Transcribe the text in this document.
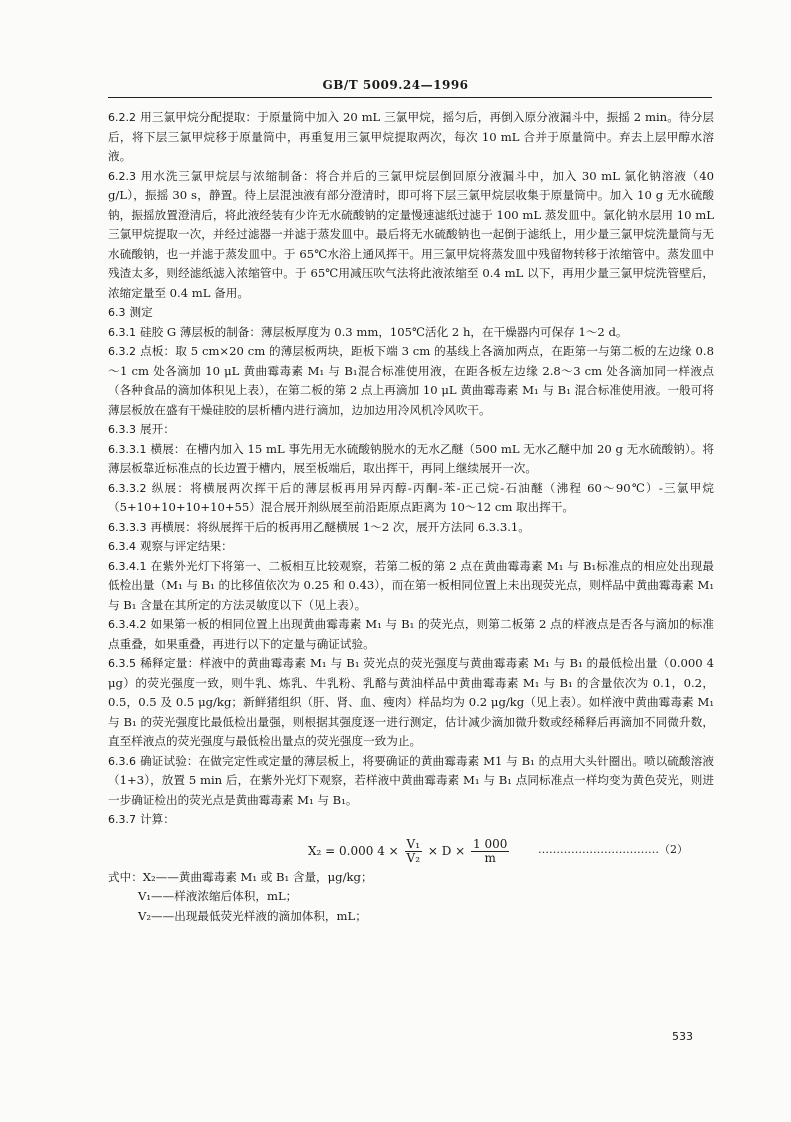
GB/T 5009.24—1996

6.2.2 用三氯甲烷分配提取：于原量筒中加入 20 mL 三氯甲烷，摇匀后，再倒入原分液漏斗中，振摇 2 min。待分层后，将下层三氯甲烷移于原量筒中，再重复用三氯甲烷提取两次，每次 10 mL 合并于原量筒中。弃去上层甲醇水溶液。

6.2.3 用水洗三氯甲烷层与浓缩制备：将合并后的三氯甲烷层倒回原分液漏斗中，加入 30 mL 氯化钠溶液（40 g/L），振摇 30 s，静置。待上层混浊液有部分澄清时，即可将下层三氯甲烷层收集于原量筒中。加入 10 g 无水硫酸钠，振摇放置澄清后，将此液经装有少许无水硫酸钠的定量慢速滤纸过滤于 100 mL 蒸发皿中。氯化钠水层用 10 mL 三氯甲烷提取一次，并经过滤器一并滤于蒸发皿中。最后将无水硫酸钠也一起倒于滤纸上，用少量三氯甲烷洗量筒与无水硫酸钠，也一并滤于蒸发皿中。于 65℃水浴上通风挥干。用三氯甲烷将蒸发皿中残留物转移于浓缩管中。蒸发皿中残渣太多，则经滤纸滤入浓缩管中。于 65℃用减压吹气法将此液浓缩至 0.4 mL 以下，再用少量三氯甲烷洗管壁后，浓缩定量至 0.4 mL 备用。

6.3 测定

6.3.1 硅胶 G 薄层板的制备：薄层板厚度为 0.3 mm，105℃活化 2 h，在干燥器内可保存 1～2 d。

6.3.2 点板：取 5 cm×20 cm 的薄层板两块，距板下端 3 cm 的基线上各滴加两点，在距第一与第二板的左边缘 0.8～1 cm 处各滴加 10 μL 黄曲霉毒素 M₁ 与 B₁混合标准使用液，在距各板左边缘 2.8～3 cm 处各滴加同一样液点（各种食品的滴加体积见上表），在第二板的第 2 点上再滴加 10 μL 黄曲霉毒素 M₁ 与 B₁ 混合标准使用液。一般可将薄层板放在盛有干燥硅胶的层析槽内进行滴加，边加边用冷风机冷风吹干。

6.3.3 展开：

6.3.3.1 横展：在槽内加入 15 mL 事先用无水硫酸钠脱水的无水乙醚（500 mL 无水乙醚中加 20 g 无水硫酸钠）。将薄层板靠近标准点的长边置于槽内，展至板端后，取出挥干，再同上继续展开一次。

6.3.3.2 纵展：将横展两次挥干后的薄层板再用异丙醇-丙酮-苯-正己烷-石油醚（沸程 60～90℃）-三氯甲烷（5+10+10+10+10+55）混合展开剂纵展至前沿距原点距离为 10～12 cm 取出挥干。

6.3.3.3 再横展：将纵展挥干后的板再用乙醚横展 1～2 次，展开方法同 6.3.3.1。

6.3.4 观察与评定结果：

6.3.4.1 在紫外光灯下将第一、二板相互比较观察，若第二板的第 2 点在黄曲霉毒素 M₁ 与 B₁标准点的相应处出现最低检出量（M₁ 与 B₁ 的比移值依次为 0.25 和 0.43），而在第一板相同位置上未出现荧光点，则样品中黄曲霉毒素 M₁ 与 B₁ 含量在其所定的方法灵敏度以下（见上表）。

6.3.4.2 如果第一板的相同位置上出现黄曲霉毒素 M₁ 与 B₁ 的荧光点，则第二板第 2 点的样液点是否各与滴加的标准点重叠，如果重叠，再进行以下的定量与确证试验。

6.3.5 稀释定量：样液中的黄曲霉毒素 M₁ 与 B₁ 荧光点的荧光强度与黄曲霉毒素 M₁ 与 B₁ 的最低检出量（0.000 4 μg）的荧光强度一致，则牛乳、炼乳、牛乳粉、乳酪与黄油样品中黄曲霉毒素 M₁ 与 B₁ 的含量依次为 0.1，0.2，0.5，0.5 及 0.5 μg/kg；新鲜猪组织（肝、肾、血、瘦肉）样品均为 0.2 μg/kg（见上表）。如样液中黄曲霉毒素 M₁ 与 B₁ 的荧光强度比最低检出量强，则根据其强度逐一进行测定，估计减少滴加微升数或经稀释后再滴加不同微升数，直至样液点的荧光强度与最低检出量点的荧光强度一致为止。

6.3.6 确证试验：在做完定性或定量的薄层板上，将要确证的黄曲霉毒素 M1 与 B₁ 的点用大头针圈出。喷以硫酸溶液（1+3），放置 5 min 后，在紫外光灯下观察，若样液中黄曲霉毒素 M₁ 与 B₁ 点同标准点一样均变为黄色荧光，则进一步确证检出的荧光点是黄曲霉毒素 M₁ 与 B₁。

6.3.7 计算：

X₂ = 0.000 $4 \times \frac{\text{V₁}}{\text{V₂}} \times D \times \frac{1 000}{m}$	……………………………（2）

式中：X₂——黄曲霉毒素 M₁ 或 B₁ 含量，μg/kg；

V₁——样液浓缩后体积，mL；

V₂——出现最低荧光样液的滴加体积，mL；

533
